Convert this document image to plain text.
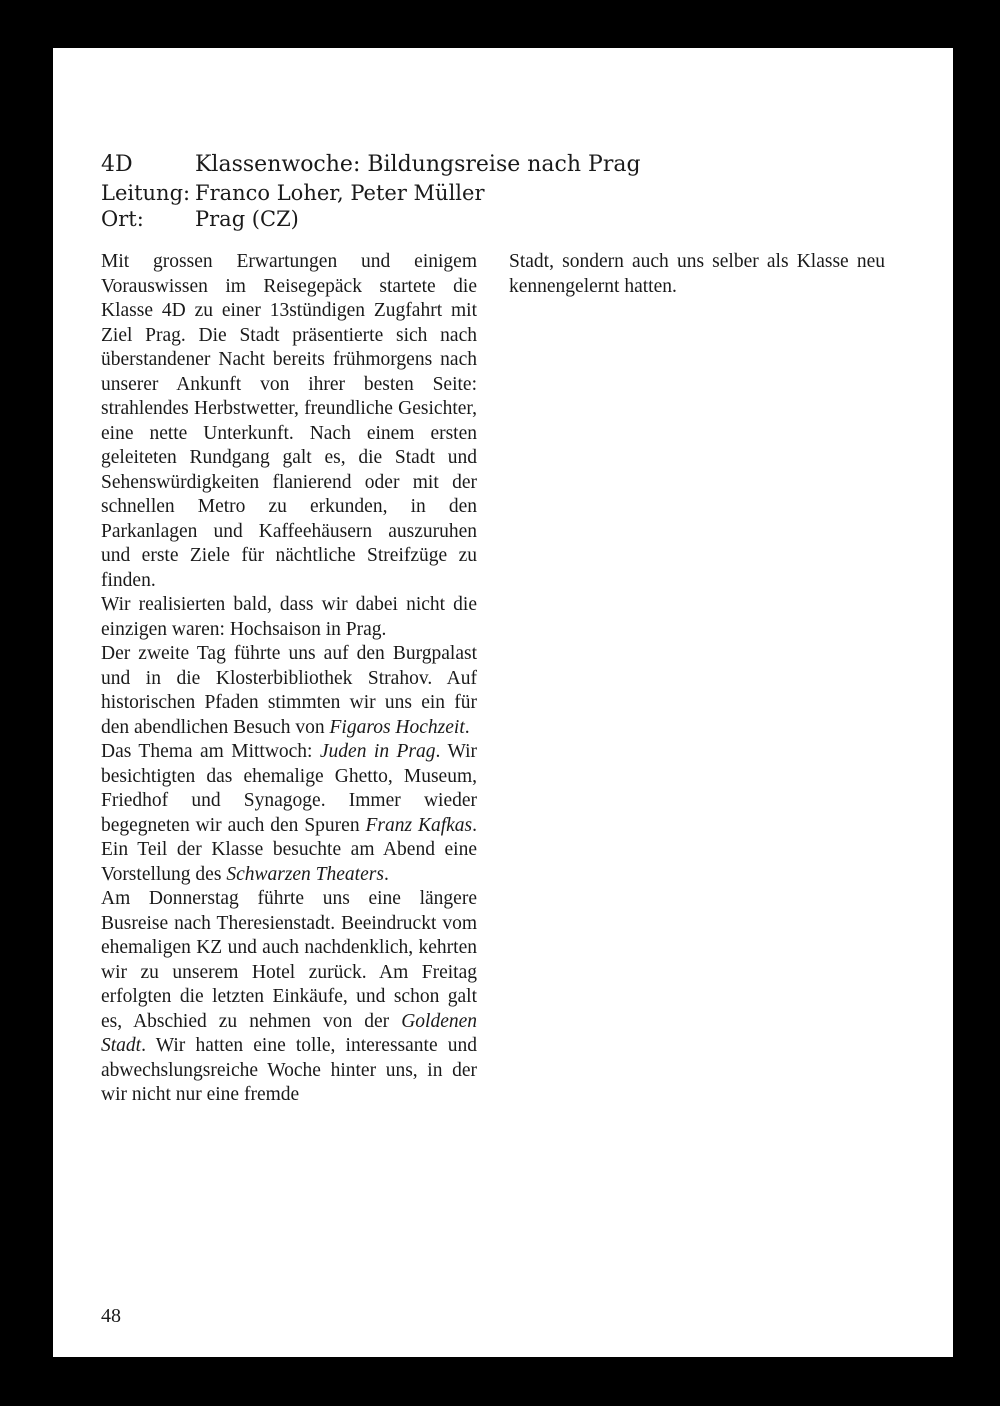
4D	Klassenwoche: Bildungsreise nach Prag
Leitung: Franco Loher, Peter Müller
Ort:	Prag (CZ)

Mit grossen Erwartungen und einigem Vorauswissen im Reisegepäck startete die Klasse 4D zu einer 13stündigen Zugfahrt mit Ziel Prag. Die Stadt präsentierte sich nach überstandener Nacht bereits frühmorgens nach unserer Ankunft von ihrer besten Seite: strahlendes Herbstwetter, freundliche Gesichter, eine nette Unterkunft. Nach einem ersten geleiteten Rundgang galt es, die Stadt und Sehenswürdigkeiten flanierend oder mit der schnellen Metro zu erkunden, in den Parkanlagen und Kaffeehäusern auszuruhen und erste Ziele für nächtliche Streifzüge zu finden.

Wir realisierten bald, dass wir dabei nicht die einzigen waren: Hochsaison in Prag.

Der zweite Tag führte uns auf den Burgpalast und in die Klosterbibliothek Strahov. Auf historischen Pfaden stimmten wir uns ein für den abendlichen Besuch von Figaros Hochzeit.

Das Thema am Mittwoch: Juden in Prag. Wir besichtigten das ehemalige Ghetto, Museum, Friedhof und Synagoge. Immer wieder begegneten wir auch den Spuren Franz Kafkas. Ein Teil der Klasse besuchte am Abend eine Vorstellung des Schwarzen Theaters.

Am Donnerstag führte uns eine längere Busreise nach Theresienstadt. Beeindruckt vom ehemaligen KZ und auch nachdenklich, kehrten wir zu unserem Hotel zurück. Am Freitag erfolgten die letzten Einkäufe, und schon galt es, Abschied zu nehmen von der Goldenen Stadt. Wir hatten eine tolle, interessante und abwechslungsreiche Woche hinter uns, in der wir nicht nur eine fremde

Stadt, sondern auch uns selber als Klasse neu kennengelernt hatten.

48
